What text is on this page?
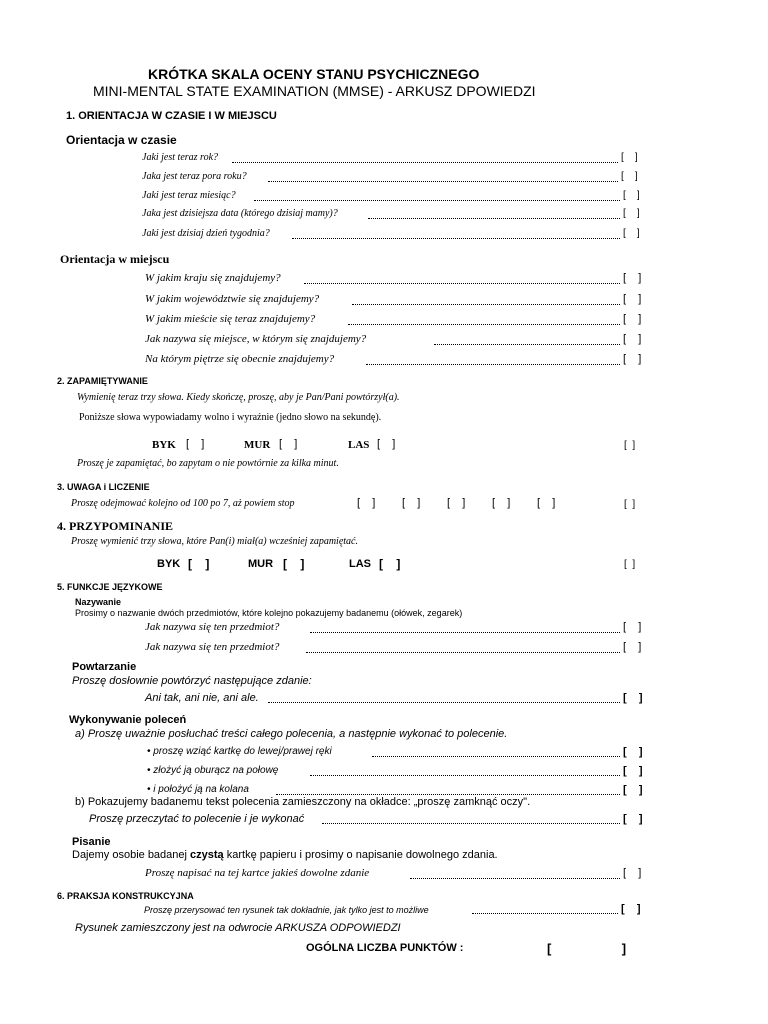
KRÓTKA SKALA OCENY STANU PSYCHICZNEGO
MINI-MENTAL STATE EXAMINATION (MMSE) - ARKUSZ DPOWIEDZI
1. ORIENTACJA W CZASIE I W MIEJSCU
Orientacja w czasie
Jaki jest teraz rok?	[    ]
Jaka jest teraz pora roku?	[    ]
Jaki jest teraz miesiąc?	[    ]
Jaka jest dzisiejsza data (którego dzisiaj mamy)?	[    ]
Jaki jest dzisiaj dzień tygodnia?	[    ]
Orientacja w miejscu
W jakim kraju się znajdujemy?	[    ]
W jakim województwie się znajdujemy?	[    ]
W jakim mieście się teraz znajdujemy?	[    ]
Jak nazywa się miejsce, w którym się znajdujemy?	[    ]
Na którym piętrze się obecnie znajdujemy?	[    ]
2. ZAPAMIĘTYWANIE
Wymienię teraz trzy słowa. Kiedy skończę, proszę, aby je Pan/Pani powtórzył(a).
Poniższe słowa wypowiadamy wolno i wyraźnie (jedno słowo na sekundę).
BYK [    ]	MUR [    ]	LAS [    ]	[  ]
Proszę je zapamiętać, bo zapytam o nie powtórnie za kilka minut.
3. UWAGA i LICZENIE
Proszę odejmować kolejno od 100 po 7, aż powiem stop	[    ] [    ] [    ] [    ] [    ]	[  ]
4. PRZYPOMINANIE
Proszę wymienić trzy słowa, które Pan(i) miał(a) wcześniej zapamiętać.
BYK [    ]	MUR [    ]	LAS [    ]	[  ]
5. FUNKCJE JĘZYKOWE
Nazywanie
Prosimy o nazwanie dwóch przedmiotów, które kolejno pokazujemy badanemu (ołówek, zegarek)
Jak nazywa się ten przedmiot?	[    ]
Jak nazywa się ten przedmiot?	[    ]
Powtarzanie
Proszę dosłownie powtórzyć następujące zdanie:
Ani tak, ani nie, ani ale.	[    ]
Wykonywanie poleceń
a) Proszę uważnie posłuchać treści całego polecenia, a następnie wykonać to polecenie.
• proszę wziąć kartkę do lewej/prawej ręki	[    ]
• złożyć ją oburącz na połowę	[    ]
• i położyć ją na kolana	[    ]
b) Pokazujemy badanemu tekst polecenia zamieszczony na okładce: „proszę zamknąć oczy".
Proszę przeczytać to polecenie i je wykonać	[    ]
Pisanie
Dajemy osobie badanej czystą kartkę papieru i prosimy o napisanie dowolnego zdania.
Proszę napisać na tej kartce jakieś dowolne zdanie	[    ]
6. PRAKSJA KONSTRUKCYJNA
Proszę przerysować ten rysunek tak dokładnie, jak tylko jest to możliwe	[    ]
Rysunek zamieszczony jest na odwrocie ARKUSZA ODPOWIEDZI
OGÓLNA LICZBA PUNKTÓW :	[    ]
